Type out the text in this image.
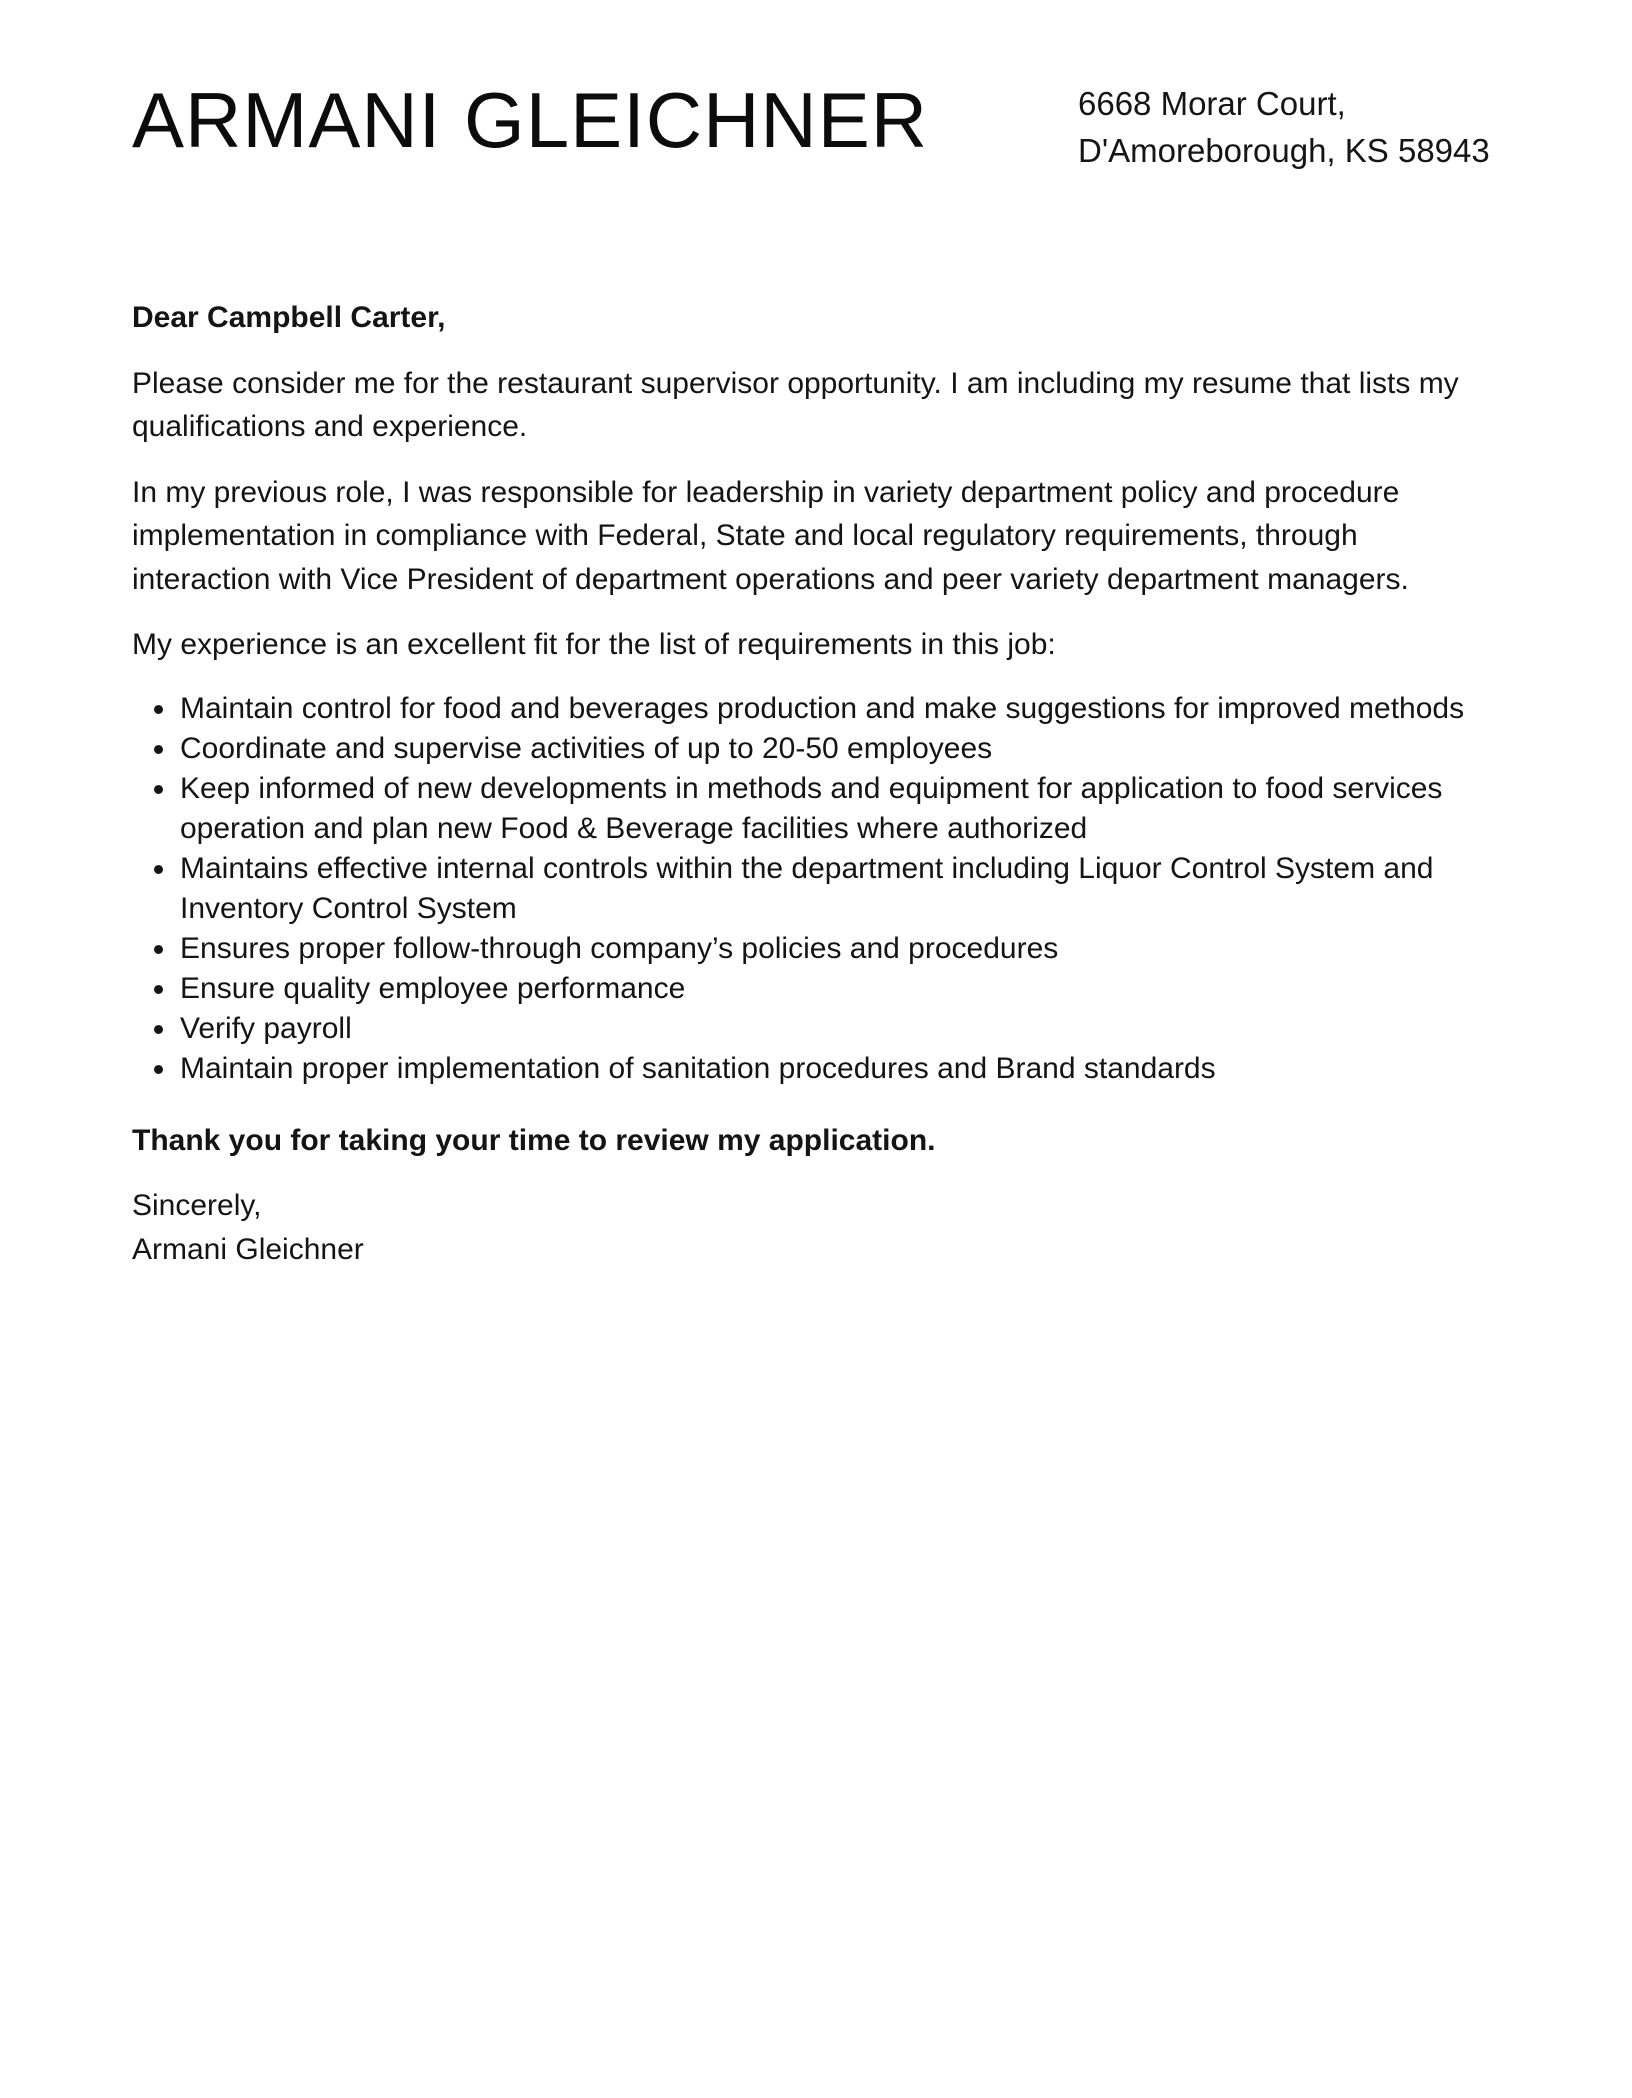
ARMANI GLEICHNER	6668 Morar Court,
D'Amoreborough, KS 58943

Dear Campbell Carter,

Please consider me for the restaurant supervisor opportunity. I am including my resume that lists my qualifications and experience.

In my previous role, I was responsible for leadership in variety department policy and procedure implementation in compliance with Federal, State and local regulatory requirements, through interaction with Vice President of department operations and peer variety department managers.

My experience is an excellent fit for the list of requirements in this job:

Maintain control for food and beverages production and make suggestions for improved methods
Coordinate and supervise activities of up to 20-50 employees
Keep informed of new developments in methods and equipment for application to food services operation and plan new Food & Beverage facilities where authorized
Maintains effective internal controls within the department including Liquor Control System and Inventory Control System
Ensures proper follow-through company’s policies and procedures
Ensure quality employee performance
Verify payroll
Maintain proper implementation of sanitation procedures and Brand standards

Thank you for taking your time to review my application.

Sincerely,
Armani Gleichner
